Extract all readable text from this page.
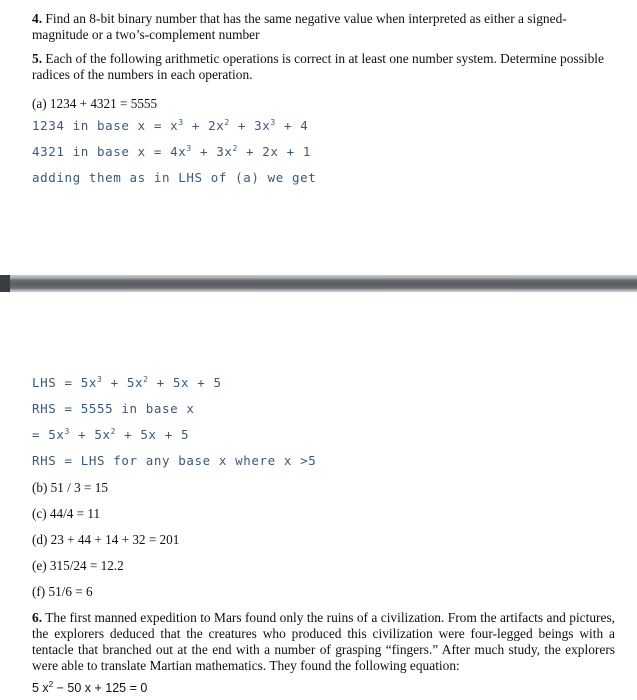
4. Find an 8-bit binary number that has the same negative value when interpreted as either a signed-magnitude or a two’s-complement number
5. Each of the following arithmetic operations is correct in at least one number system. Determine possible radices of the numbers in each operation.
(a) 1234 + 4321 = 5555
1234 in base $x = x^3 + 2x^2 + 3x^3 + 4$
4321 in base $x = 4x^3 + 3x^2 + 2x + 1$
adding them as in LHS of (a) we get
LHS = $5x^3 + 5x^2 + 5x + 5$
RHS = 5555 in base x
= $5x^3 + 5x^2 + 5x + 5$
RHS = LHS for any base x where x >5
(b) 51 / 3 = 15
(c) 44/4 = 11
(d) 23 + 44 + 14 + 32 = 201
(e) 315/24 = 12.2
(f) 51/6 = 6
6. The first manned expedition to Mars found only the ruins of a civilization. From the artifacts and pictures, the explorers deduced that the creatures who produced this civilization were four-legged beings with a tentacle that branched out at the end with a number of grasping “fingers.” After much study, the explorers were able to translate Martian mathematics. They found the following equation:
5 $x^2 - 50$ x + 125 = 0
